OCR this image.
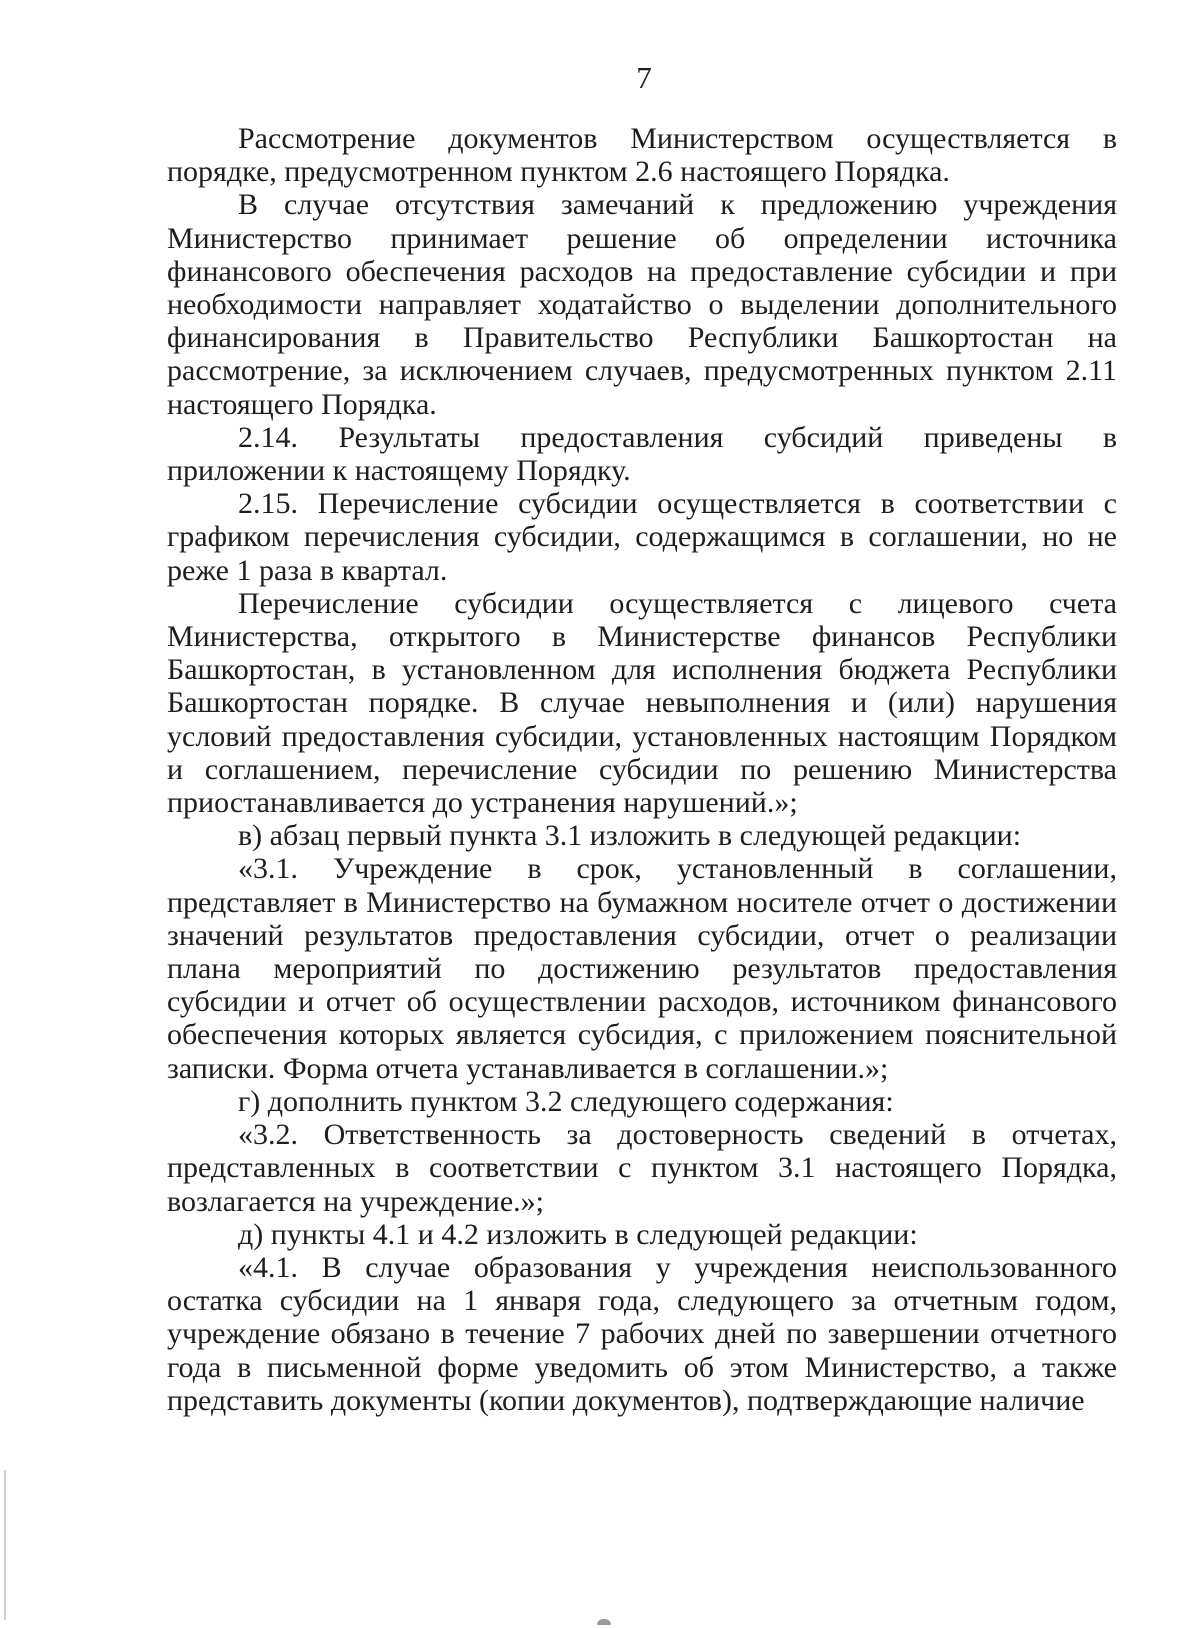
7

Рассмотрение документов Министерством осуществляется в порядке, предусмотренном пунктом 2.6 настоящего Порядка.

В случае отсутствия замечаний к предложению учреждения Министерство принимает решение об определении источника финансового обеспечения расходов на предоставление субсидии и при необходимости направляет ходатайство о выделении дополнительного финансирования в Правительство Республики Башкортостан на рассмотрение, за исключением случаев, предусмотренных пунктом 2.11 настоящего Порядка.

2.14. Результаты предоставления субсидий приведены в приложении к настоящему Порядку.

2.15. Перечисление субсидии осуществляется в соответствии с графиком перечисления субсидии, содержащимся в соглашении, но не реже 1 раза в квартал.

Перечисление субсидии осуществляется с лицевого счета Министерства, открытого в Министерстве финансов Республики Башкортостан, в установленном для исполнения бюджета Республики Башкортостан порядке. В случае невыполнения и (или) нарушения условий предоставления субсидии, установленных настоящим Порядком и соглашением, перечисление субсидии по решению Министерства приостанавливается до устранения нарушений.»;

в) абзац первый пункта 3.1 изложить в следующей редакции:

«3.1. Учреждение в срок, установленный в соглашении, представляет в Министерство на бумажном носителе отчет о достижении значений результатов предоставления субсидии, отчет о реализации плана мероприятий по достижению результатов предоставления субсидии и отчет об осуществлении расходов, источником финансового обеспечения которых является субсидия, с приложением пояснительной записки. Форма отчета устанавливается в соглашении.»;

г) дополнить пунктом 3.2 следующего содержания:

«3.2. Ответственность за достоверность сведений в отчетах, представленных в соответствии с пунктом 3.1 настоящего Порядка, возлагается на учреждение.»;

д) пункты 4.1 и 4.2 изложить в следующей редакции:

«4.1. В случае образования у учреждения неиспользованного остатка субсидии на 1 января года, следующего за отчетным годом, учреждение обязано в течение 7 рабочих дней по завершении отчетного года в письменной форме уведомить об этом Министерство, а также представить документы (копии документов), подтверждающие наличие
